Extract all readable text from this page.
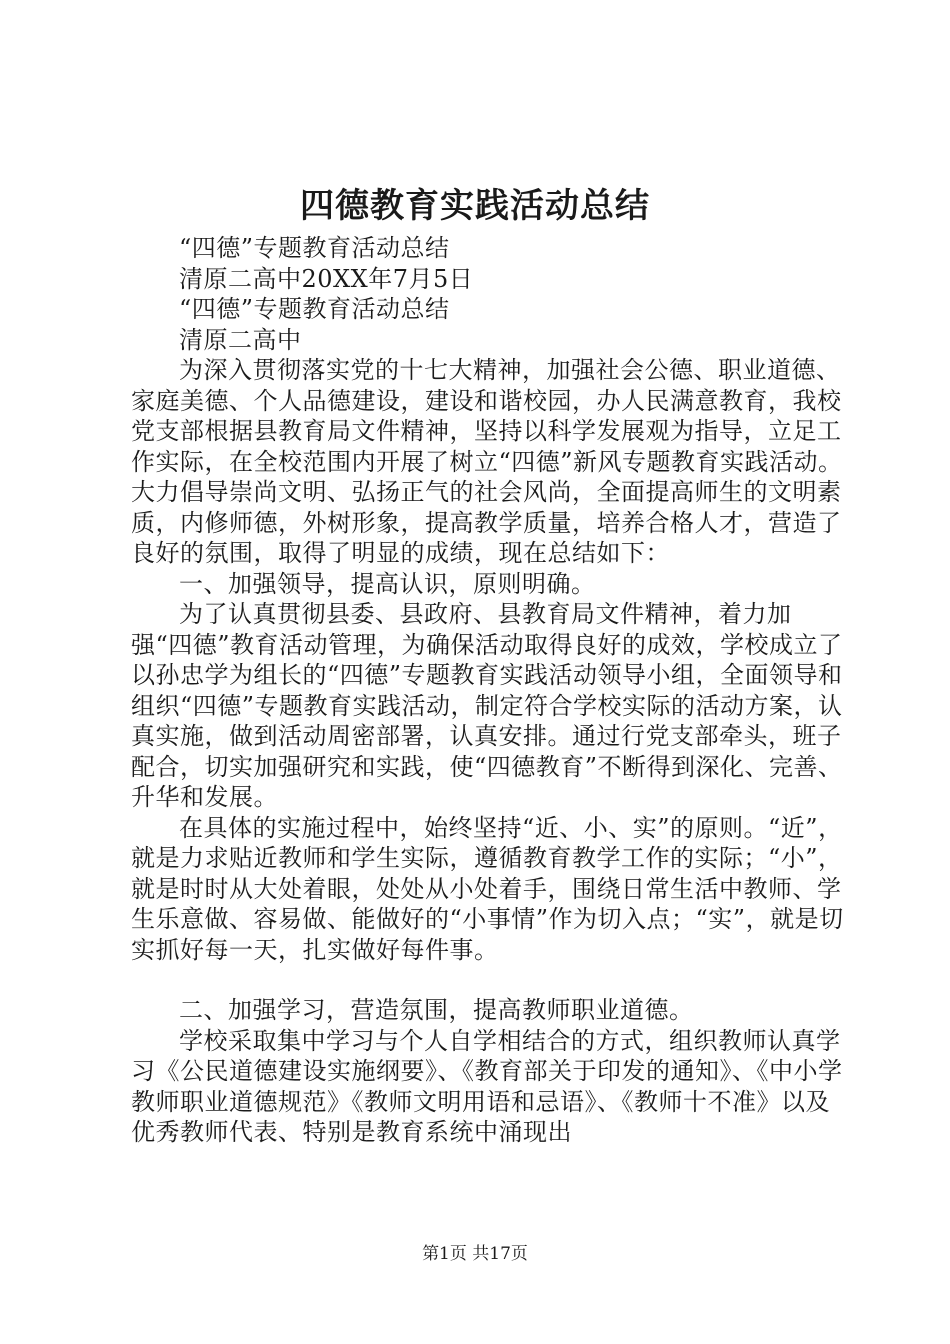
四德教育实践活动总结

“四德”专题教育活动总结

清原二高中20XX年7月5日

“四德”专题教育活动总结

清原二高中

为深入贯彻落实党的十七大精神，加强社会公德、职业道德、家庭美德、个人品德建设，建设和谐校园，办人民满意教育，我校党支部根据县教育局文件精神，坚持以科学发展观为指导，立足工作实际，在全校范围内开展了树立“四德”新风专题教育实践活动。大力倡导崇尚文明、弘扬正气的社会风尚，全面提高师生的文明素质，内修师德，外树形象，提高教学质量，培养合格人才，营造了良好的氛围，取得了明显的成绩，现在总结如下：

一、加强领导，提高认识，原则明确。

为了认真贯彻县委、县政府、县教育局文件精神，着力加强“四德”教育活动管理，为确保活动取得良好的成效，学校成立了以孙忠学为组长的“四德”专题教育实践活动领导小组，全面领导和组织“四德”专题教育实践活动，制定符合学校实际的活动方案，认真实施，做到活动周密部署，认真安排。通过行党支部牵头，班子配合，切实加强研究和实践，使“四德教育”不断得到深化、完善、升华和发展。

在具体的实施过程中，始终坚持“近、小、实”的原则。“近”，就是力求贴近教师和学生实际，遵循教育教学工作的实际；“小”，就是时时从大处着眼，处处从小处着手，围绕日常生活中教师、学生乐意做、容易做、能做好的“小事情”作为切入点；“实”，就是切实抓好每一天，扎实做好每件事。

二、加强学习，营造氛围，提高教师职业道德。

学校采取集中学习与个人自学相结合的方式，组织教师认真学习《公民道德建设实施纲要》、《教育部关于印发的通知》、《中小学教师职业道德规范》《教师文明用语和忌语》、《教师十不准》以及优秀教师代表、特别是教育系统中涌现出

第1页 共17页
